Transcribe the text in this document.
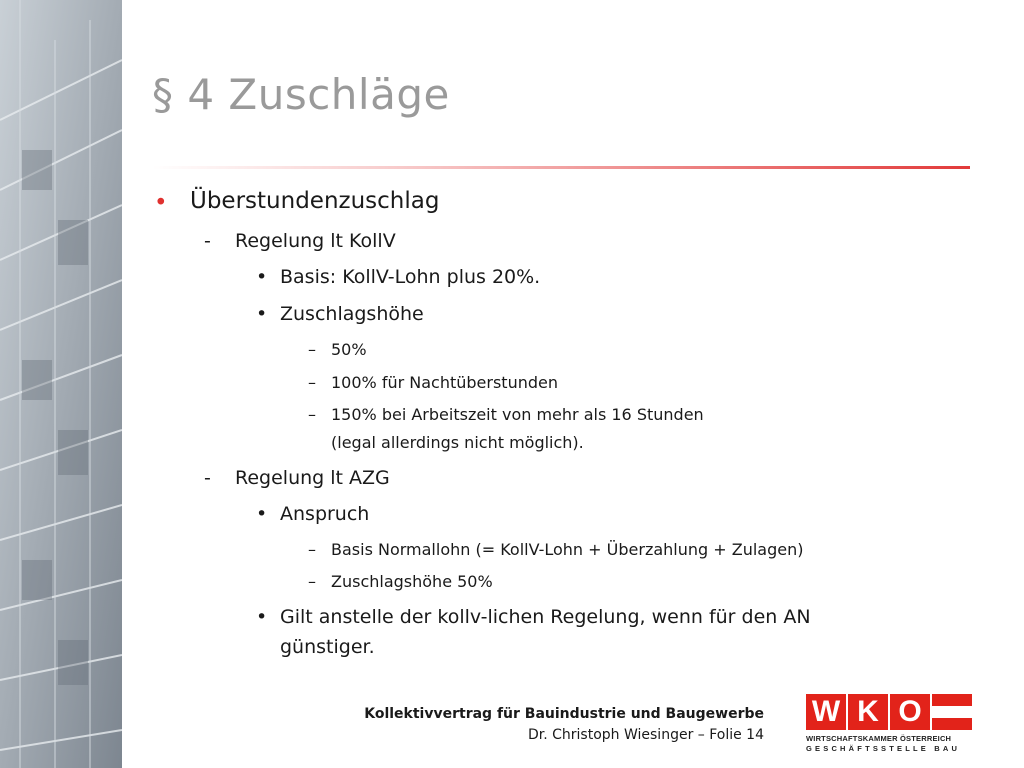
§ 4 Zuschläge
• Überstundenzuschlag
- Regelung lt KollV
• Basis: KollV-Lohn plus 20%.
• Zuschlagshöhe
– 50%
– 100% für Nachtüberstunden
– 150% bei Arbeitszeit von mehr als 16 Stunden
(legal allerdings nicht möglich).
- Regelung lt AZG
• Anspruch
– Basis Normallohn (= KollV-Lohn + Überzahlung + Zulagen)
– Zuschlagshöhe 50%
• Gilt anstelle der kollv-lichen Regelung, wenn für den AN
günstiger.
Kollektivvertrag für Bauindustrie und Baugewerbe
Dr. Christoph Wiesinger – Folie 14
W K O
WIRTSCHAFTSKAMMER ÖSTERREICH
GESCHÄFTSSTELLE BAU
